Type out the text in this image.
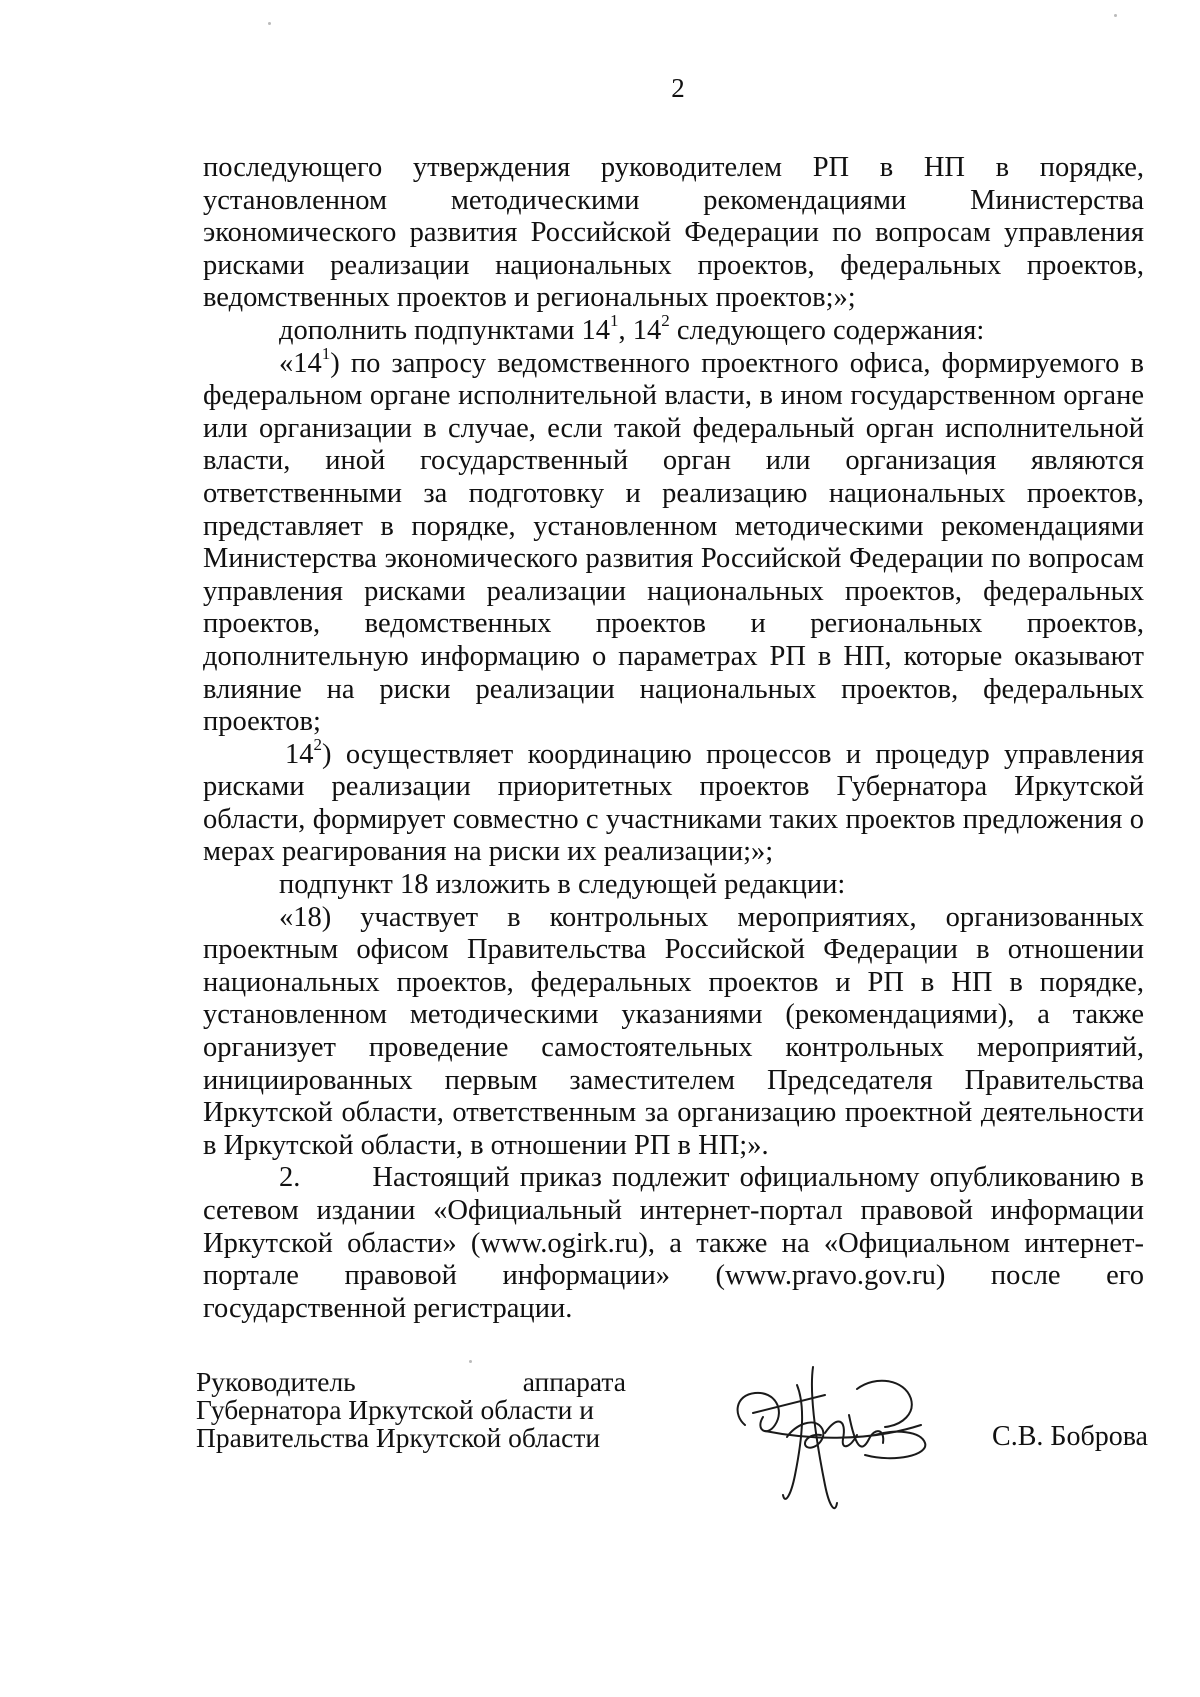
2

последующего утверждения руководителем РП в НП в порядке, установленном методическими рекомендациями Министерства экономического развития Российской Федерации по вопросам управления рисками реализации национальных проектов, федеральных проектов, ведомственных проектов и региональных проектов;»;

дополнить подпунктами $14^1$, $14^2$ следующего содержания:

«$14^1$) по запросу ведомственного проектного офиса, формируемого в федеральном органе исполнительной власти, в ином государственном органе или организации в случае, если такой федеральный орган исполнительной власти, иной государственный орган или организация являются ответственными за подготовку и реализацию национальных проектов, представляет в порядке, установленном методическими рекомендациями Министерства экономического развития Российской Федерации по вопросам управления рисками реализации национальных проектов, федеральных проектов, ведомственных проектов и региональных проектов, дополнительную информацию о параметрах РП в НП, которые оказывают влияние на риски реализации национальных проектов, федеральных проектов;

$14^2$) осуществляет координацию процессов и процедур управления рисками реализации приоритетных проектов Губернатора Иркутской области, формирует совместно с участниками таких проектов предложения о мерах реагирования на риски их реализации;»;

подпункт 18 изложить в следующей редакции:

«18) участвует в контрольных мероприятиях, организованных проектным офисом Правительства Российской Федерации в отношении национальных проектов, федеральных проектов и РП в НП в порядке, установленном методическими указаниями (рекомендациями), а также организует проведение самостоятельных контрольных мероприятий, инициированных первым заместителем Председателя Правительства Иркутской области, ответственным за организацию проектной деятельности в Иркутской области, в отношении РП в НП;».

2.	Настоящий приказ подлежит официальному опубликованию в сетевом издании «Официальный интернет-портал правовой информации Иркутской области» (www.ogirk.ru), а также на «Официальном интернет-портале правовой информации» (www.pravo.gov.ru) после его государственной регистрации.

Руководитель	аппарата
Губернатора Иркутской области и
Правительства Иркутской области	С.В. Боброва
